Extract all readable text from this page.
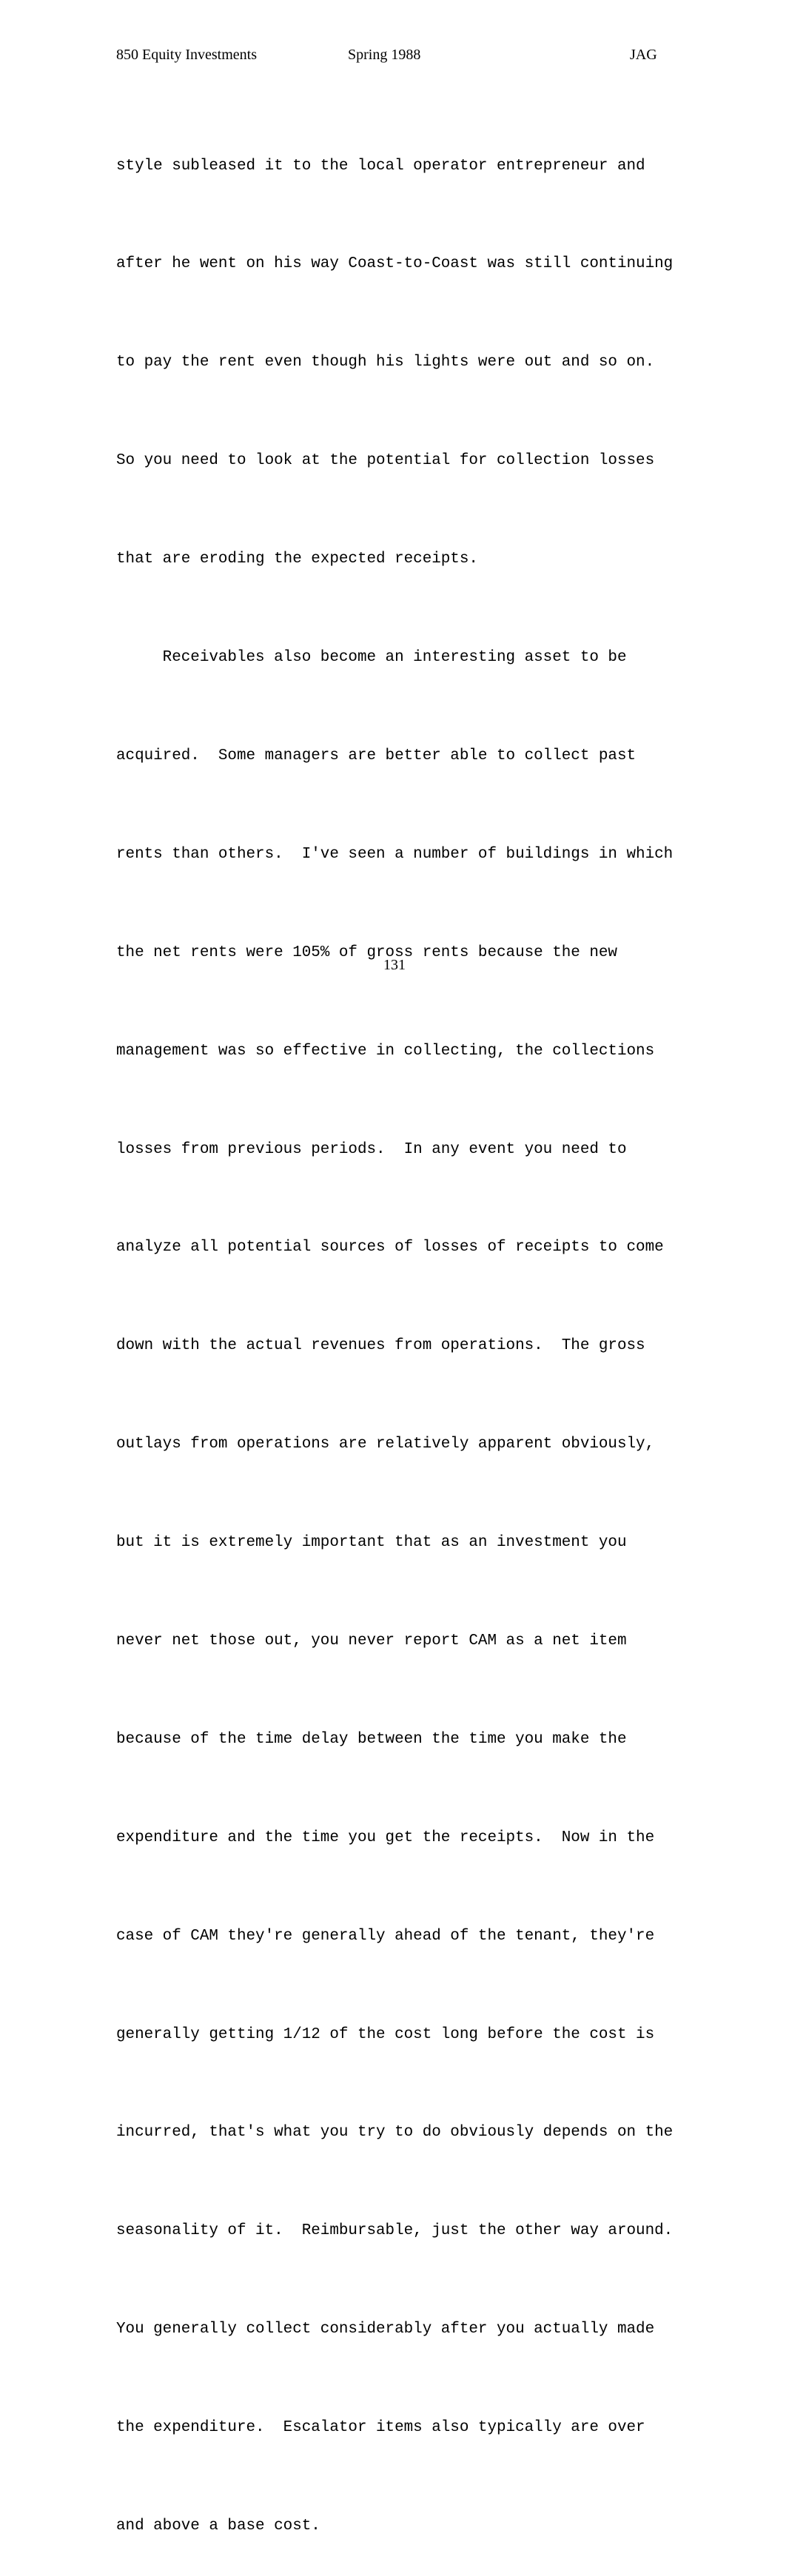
850 Equity Investments	Spring 1988	JAG

style subleased it to the local operator entrepreneur and

after he went on his way Coast-to-Coast was still continuing

to pay the rent even though his lights were out and so on.

So you need to look at the potential for collection losses

that are eroding the expected receipts.

Receivables also become an interesting asset to be

acquired.  Some managers are better able to collect past

rents than others.  I've seen a number of buildings in which

the net rents were 105% of gross rents because the new

management was so effective in collecting, the collections

losses from previous periods.  In any event you need to

analyze all potential sources of losses of receipts to come

down with the actual revenues from operations.  The gross

outlays from operations are relatively apparent obviously,

but it is extremely important that as an investment you

never net those out, you never report CAM as a net item

because of the time delay between the time you make the

expenditure and the time you get the receipts.  Now in the

case of CAM they're generally ahead of the tenant, they're

generally getting 1/12 of the cost long before the cost is

incurred, that's what you try to do obviously depends on the

seasonality of it.  Reimbursable, just the other way around.

You generally collect considerably after you actually made

the expenditure.  Escalator items also typically are over

and above a base cost.

131
